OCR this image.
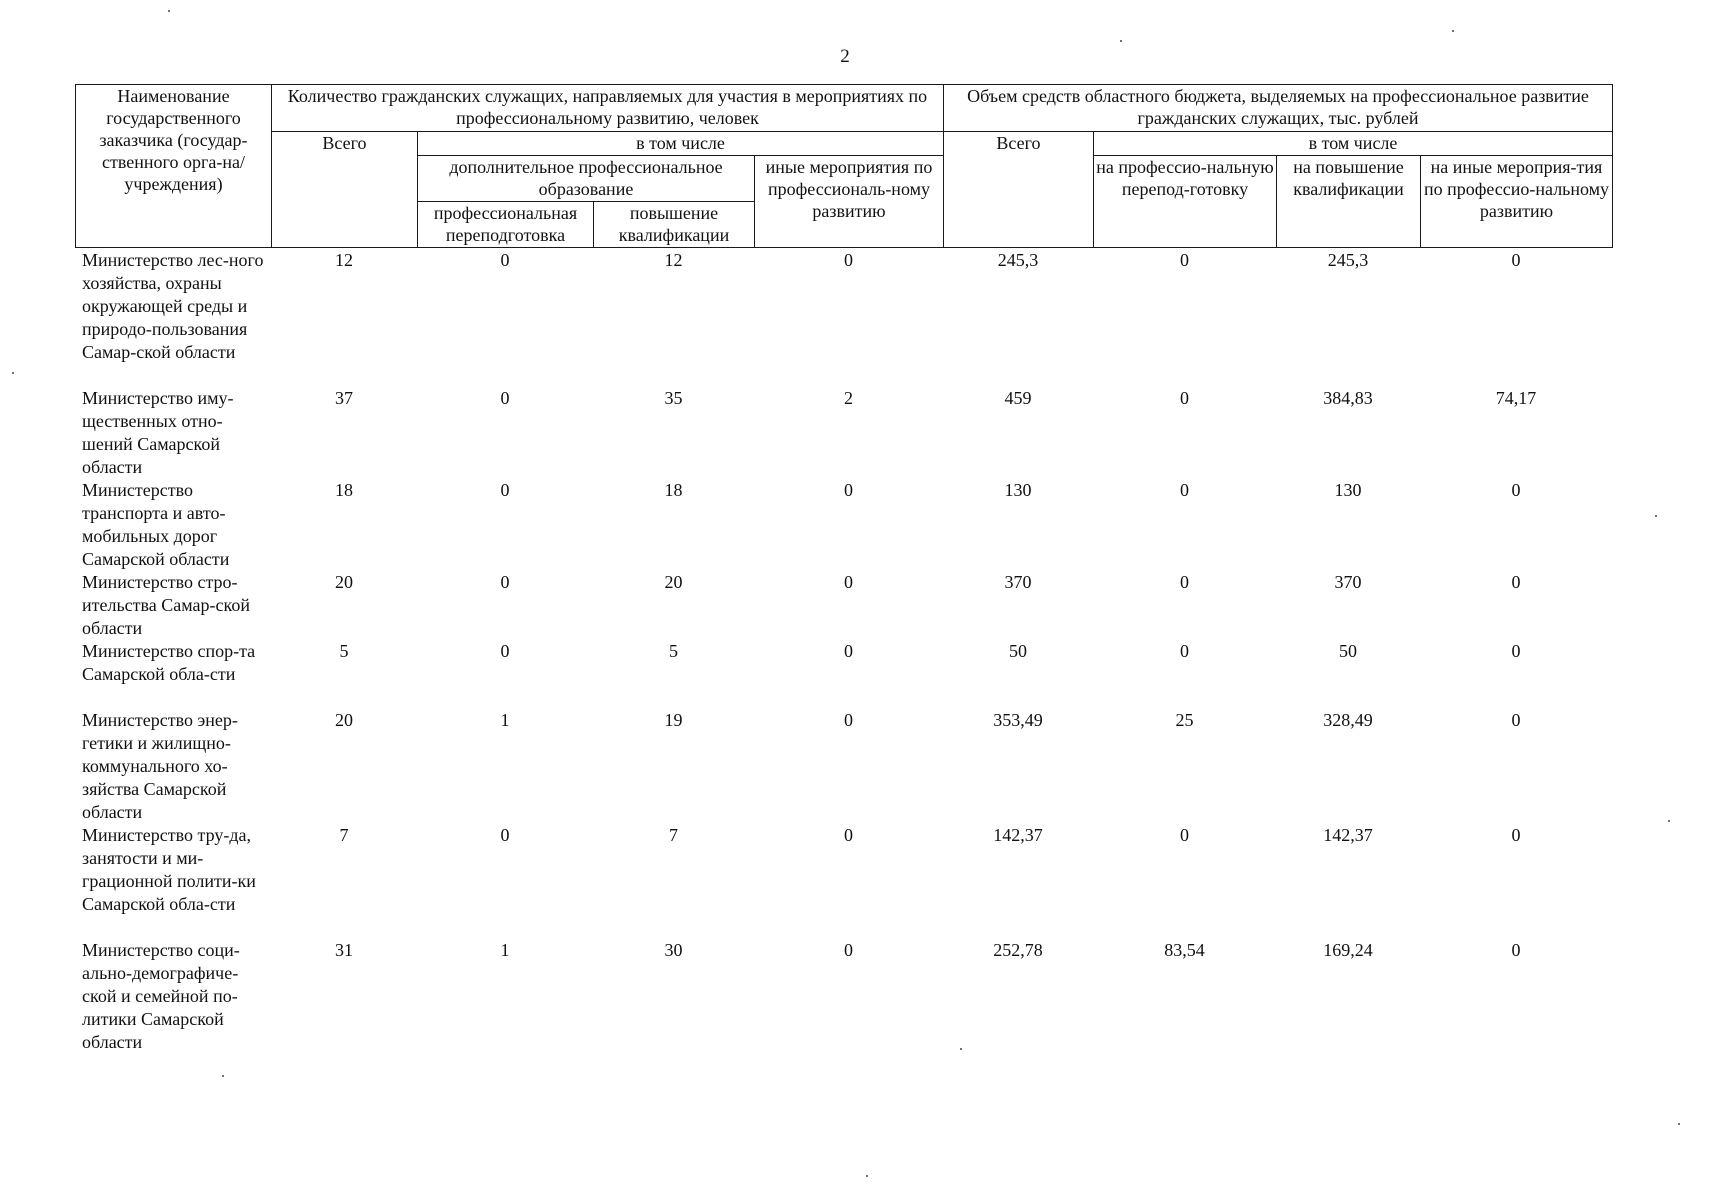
2
Наименование государственного заказчика (государ-ственного орга-на/учреждения)	Количество гражданских служащих, направляемых для участия в мероприятиях по профессиональному развитию, человек				Объем средств областного бюджета, выделяемых на профессиональное развитие гражданских служащих, тыс. рублей			
	Всего	в том числе			Всего	в том числе		
		дополнительное профессиональное образование		иные мероприятия по профессиональ-ному развитию		на профессио-нальную перепод-готовку	на повышение квалификации	на иные мероприя-тия по профессио-нальному развитию
		профессиональная переподготовка	повышение квалификации					
Министерство лес-ного хозяйства, охраны окружающей среды и природо-пользования Самар-ской области	12	0	12	0	245,3	0	245,3	0
Министерство иму-щественных отно-шений Самарской области	37	0	35	2	459	0	384,83	74,17
Министерство транспорта и авто-мобильных дорог Самарской области	18	0	18	0	130	0	130	0
Министерство стро-ительства Самар-ской области	20	0	20	0	370	0	370	0
Министерство спор-та Самарской обла-сти	5	0	5	0	50	0	50	0
Министерство энер-гетики и жилищно-коммунального хо-зяйства Самарской области	20	1	19	0	353,49	25	328,49	0
Министерство тру-да, занятости и ми-грационной полити-ки Самарской обла-сти	7	0	7	0	142,37	0	142,37	0
Министерство соци-ально-демографиче-ской и семейной по-литики Самарской области	31	1	30	0	252,78	83,54	169,24	0
